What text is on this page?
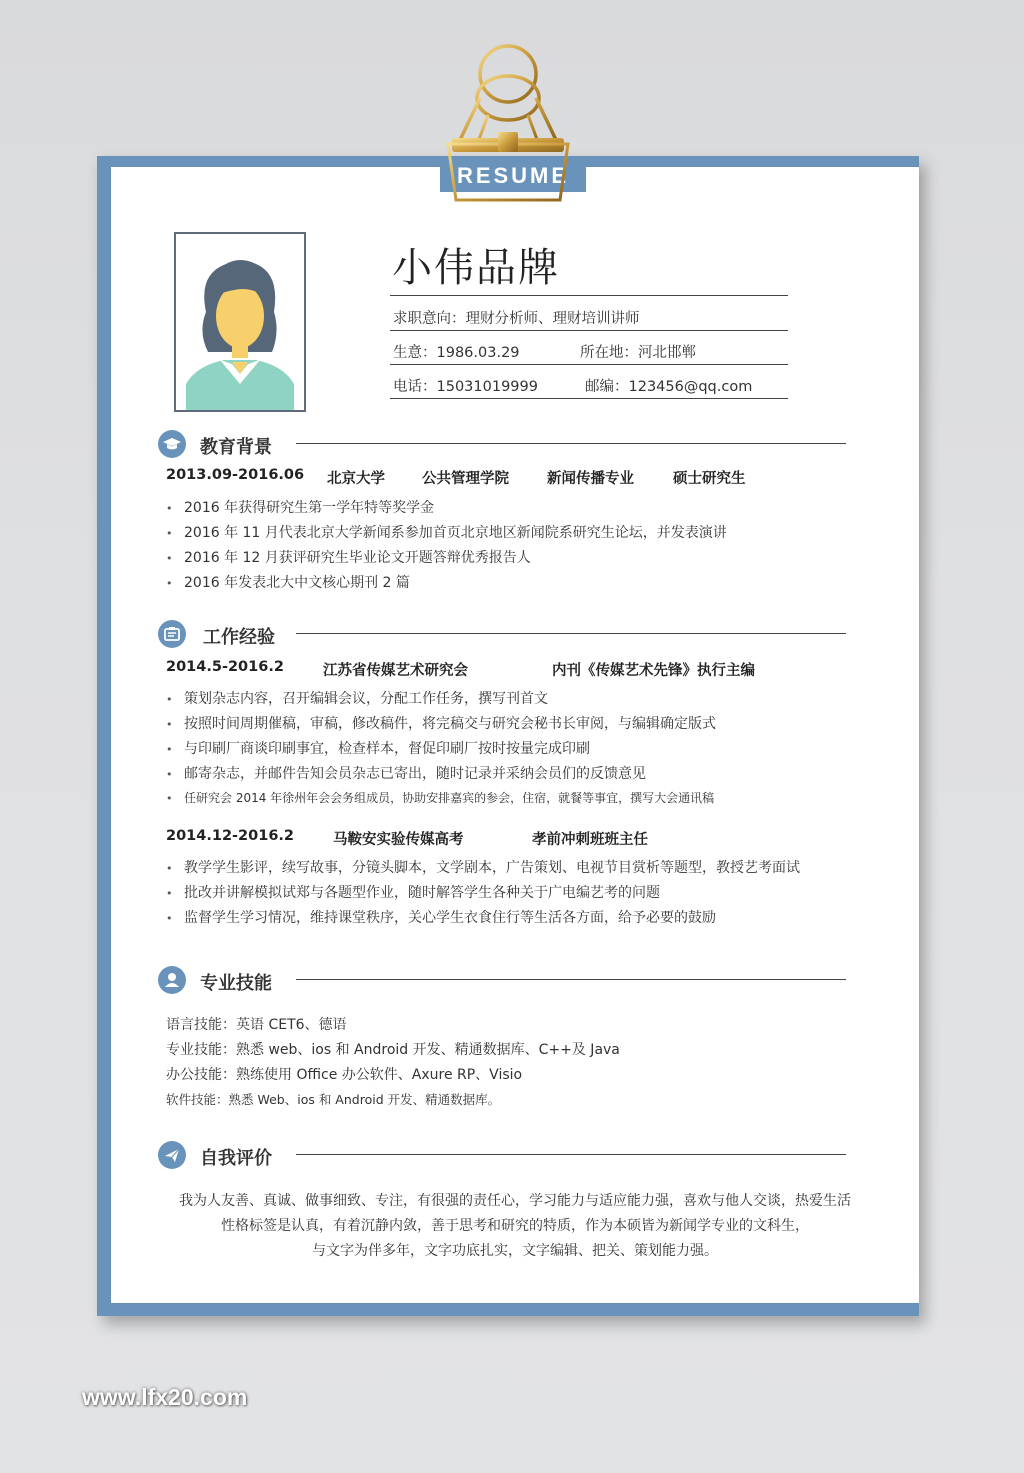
RESUME
小伟品牌
求职意向：理财分析师、理财培训讲师
生意：1986.03.29	所在地：河北邯郸
电话：15031019999	邮编：123456@qq.com
教育背景
2013.09-2016.06 北京大学	公共管理学院	新闻传播专业	硕士研究生
• 2016 年获得研究生第一学年特等奖学金
• 2016 年 11 月代表北京大学新闻系参加首页北京地区新闻院系研究生论坛，并发表演讲
• 2016 年 12 月获评研究生毕业论文开题答辩优秀报告人
• 2016 年发表北大中文核心期刊 2 篇
工作经验
2014.5-2016.2	江苏省传媒艺术研究会	内刊《传媒艺术先锋》执行主编
• 策划杂志内容，召开编辑会议，分配工作任务，撰写刊首文
• 按照时间周期催稿，审稿，修改稿件，将完稿交与研究会秘书长审阅，与编辑确定版式
• 与印刷厂商谈印刷事宜，检查样本，督促印刷厂按时按量完成印刷
• 邮寄杂志，并邮件告知会员杂志已寄出，随时记录并采纳会员们的反馈意见
• 任研究会 2014 年徐州年会会务组成员，协助安排嘉宾的参会，住宿，就餐等事宜，撰写大会通讯稿
2014.12-2016.2	马鞍安实验传媒高考	孝前冲刺班班主任
• 教学学生影评，续写故事，分镜头脚本，文学剧本，广告策划、电视节目赏析等题型，教授艺考面试
• 批改并讲解模拟试郑与各题型作业，随时解答学生各种关于广电编艺考的问题
• 监督学生学习情况，维持课堂秩序，关心学生衣食住行等生活各方面，给予必要的鼓励
专业技能
语言技能：英语 CET6、德语
专业技能：熟悉 web、ios 和 Android 开发、精通数据库、C++及 Java
办公技能：熟练使用 Office 办公软件、Axure RP、Visio
软件技能：熟悉 Web、ios 和 Android 开发、精通数据库。
自我评价
我为人友善、真诚、做事细致、专注，有很强的责任心，学习能力与适应能力强，喜欢与他人交谈，热爱生活
性格标签是认真，有着沉静内敛，善于思考和研究的特质，作为本硕皆为新闻学专业的文科生，
与文字为伴多年，文字功底扎实，文字编辑、把关、策划能力强。
www.lfx20.com
